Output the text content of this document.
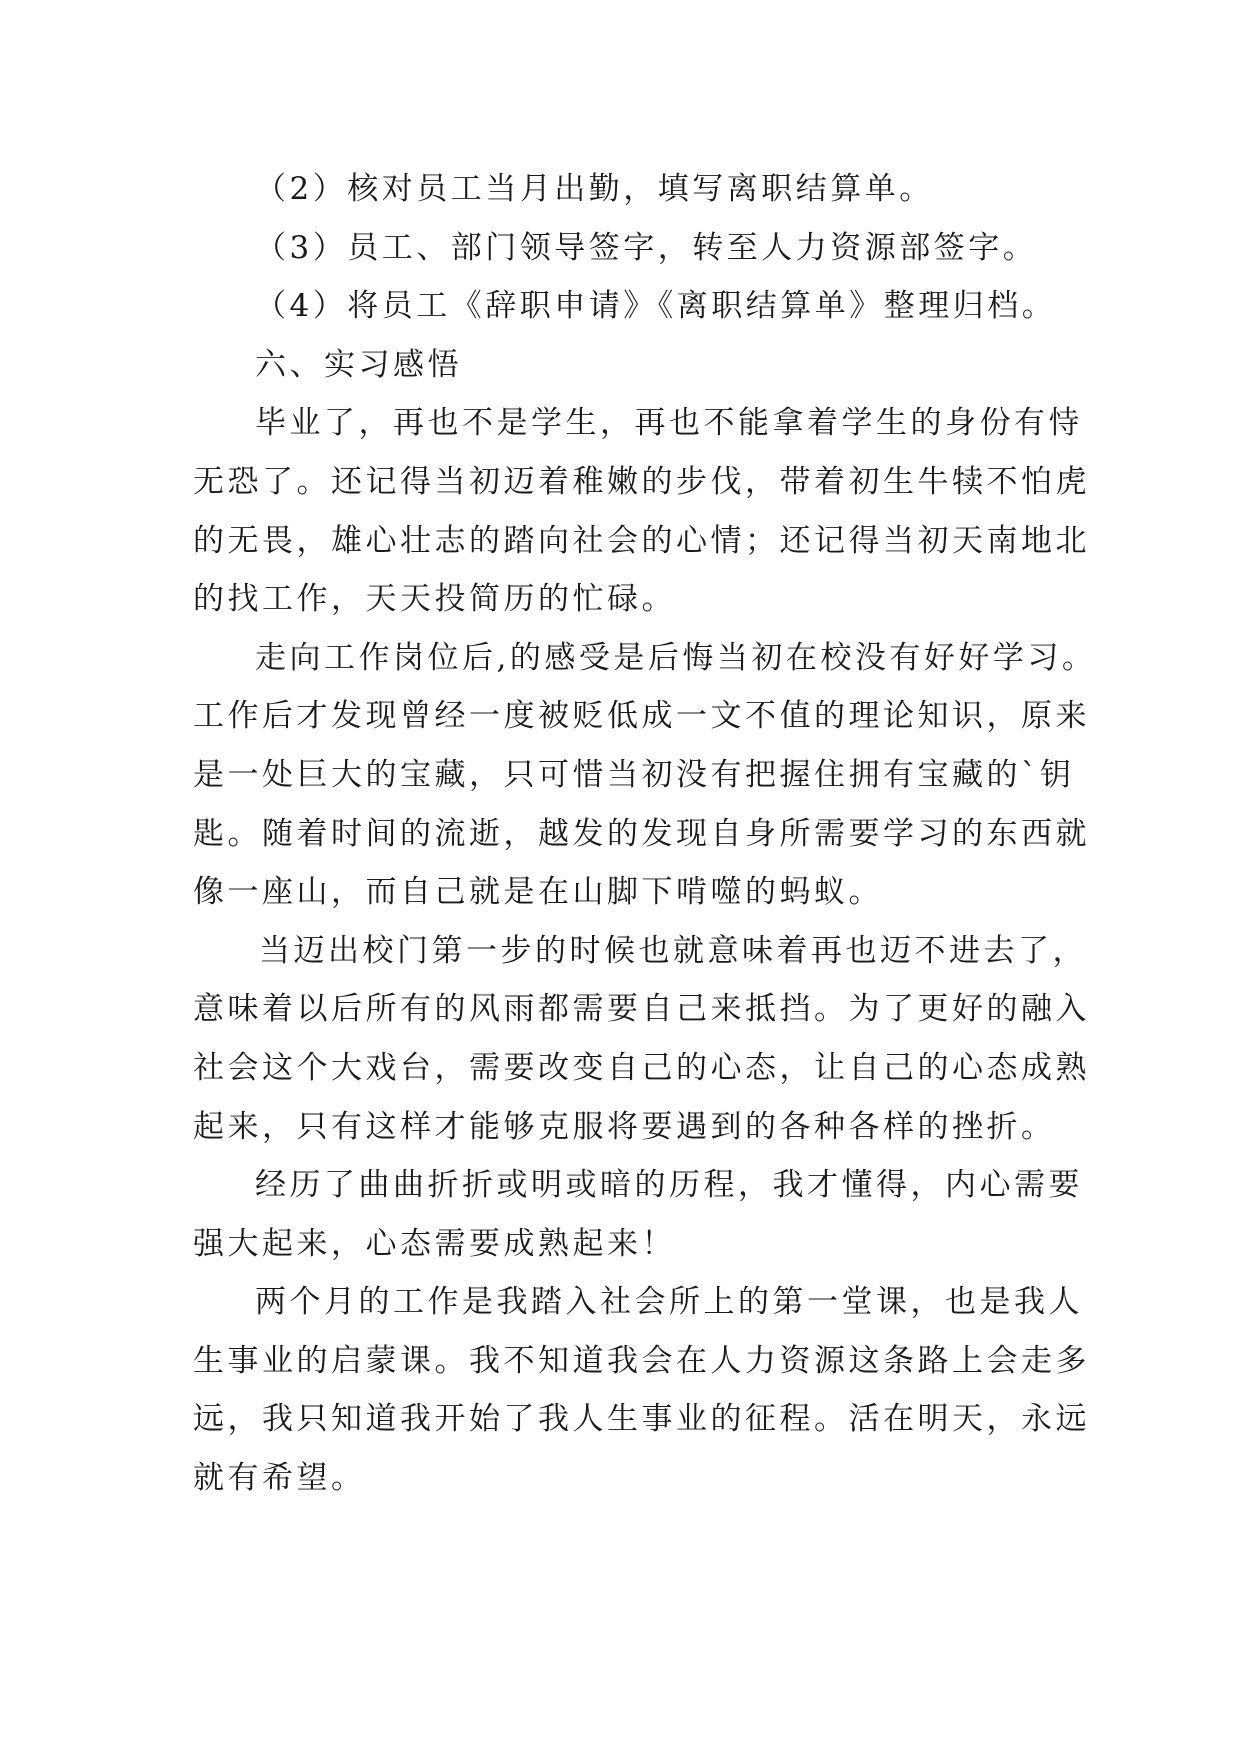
（2）核对员工当月出勤，填写离职结算单。
（3）员工、部门领导签字，转至人力资源部签字。
（4）将员工《辞职申请》《离职结算单》整理归档。
六、实习感悟
毕业了，再也不是学生，再也不能拿着学生的身份有恃
无恐了。还记得当初迈着稚嫩的步伐，带着初生牛犊不怕虎
的无畏，雄心壮志的踏向社会的心情；还记得当初天南地北
的找工作，天天投简历的忙碌。
走向工作岗位后,的感受是后悔当初在校没有好好学习。
工作后才发现曾经一度被贬低成一文不值的理论知识，原来
是一处巨大的宝藏，只可惜当初没有把握住拥有宝藏的`钥
匙。随着时间的流逝，越发的发现自身所需要学习的东西就
像一座山，而自己就是在山脚下啃噬的蚂蚁。
当迈出校门第一步的时候也就意味着再也迈不进去了，
意味着以后所有的风雨都需要自己来抵挡。为了更好的融入
社会这个大戏台，需要改变自己的心态，让自己的心态成熟
起来，只有这样才能够克服将要遇到的各种各样的挫折。
经历了曲曲折折或明或暗的历程，我才懂得，内心需要
强大起来，心态需要成熟起来！
两个月的工作是我踏入社会所上的第一堂课，也是我人
生事业的启蒙课。我不知道我会在人力资源这条路上会走多
远，我只知道我开始了我人生事业的征程。活在明天，永远
就有希望。
